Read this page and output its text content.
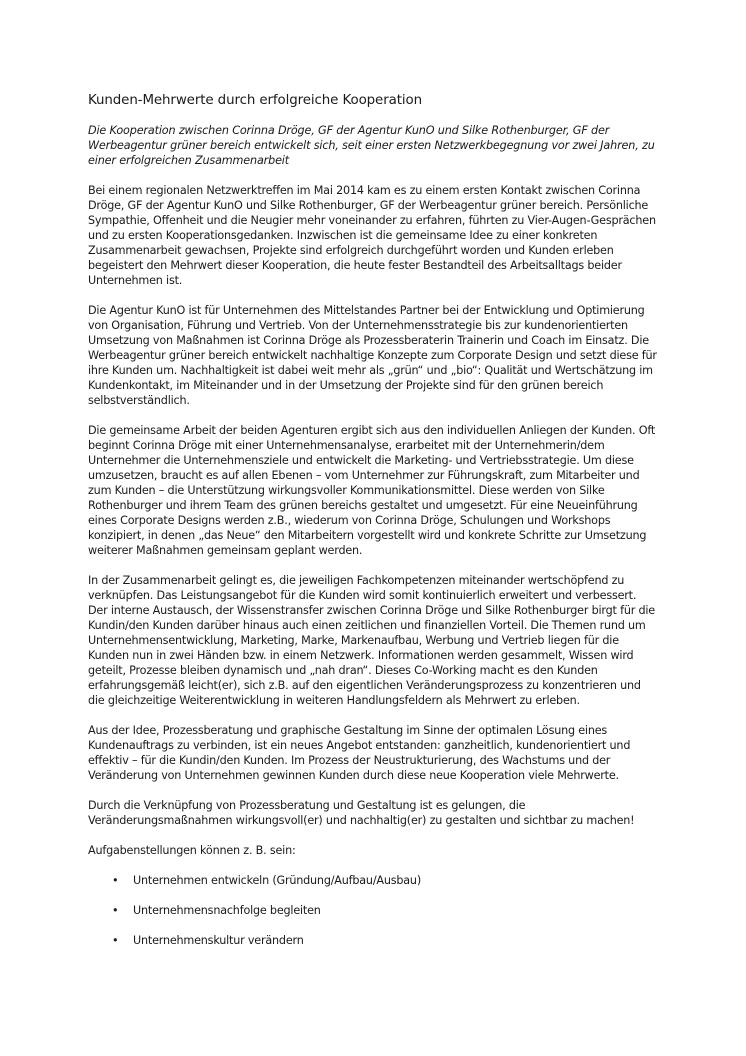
Kunden-Mehrwerte durch erfolgreiche Kooperation

Die Kooperation zwischen Corinna Dröge, GF der Agentur KunO und Silke Rothenburger, GF der Werbeagentur grüner bereich entwickelt sich, seit einer ersten Netzwerkbegegnung vor zwei Jahren, zu einer erfolgreichen Zusammenarbeit

Bei einem regionalen Netzwerktreffen im Mai 2014 kam es zu einem ersten Kontakt zwischen Corinna Dröge, GF der Agentur KunO und Silke Rothenburger, GF der Werbeagentur grüner bereich. Persönliche Sympathie, Offenheit und die Neugier mehr voneinander zu erfahren, führten zu Vier-Augen-Gesprächen und zu ersten Kooperationsgedanken. Inzwischen ist die gemeinsame Idee zu einer konkreten Zusammenarbeit gewachsen, Projekte sind erfolgreich durchgeführt worden und Kunden erleben begeistert den Mehrwert dieser Kooperation, die heute fester Bestandteil des Arbeitsalltags beider Unternehmen ist.

Die Agentur KunO ist für Unternehmen des Mittelstandes Partner bei der Entwicklung und Optimierung von Organisation, Führung und Vertrieb. Von der Unternehmensstrategie bis zur kundenorientierten Umsetzung von Maßnahmen ist Corinna Dröge als Prozessberaterin Trainerin und Coach im Einsatz. Die Werbeagentur grüner bereich entwickelt nachhaltige Konzepte zum Corporate Design und setzt diese für ihre Kunden um. Nachhaltigkeit ist dabei weit mehr als „grün“ und „bio“: Qualität und Wertschätzung im Kundenkontakt, im Miteinander und in der Umsetzung der Projekte sind für den grünen bereich selbstverständlich.

Die gemeinsame Arbeit der beiden Agenturen ergibt sich aus den individuellen Anliegen der Kunden. Oft beginnt Corinna Dröge mit einer Unternehmensanalyse, erarbeitet mit der Unternehmerin/dem Unternehmer die Unternehmensziele und entwickelt die Marketing- und Vertriebsstrategie. Um diese umzusetzen, braucht es auf allen Ebenen – vom Unternehmer zur Führungskraft, zum Mitarbeiter und zum Kunden – die Unterstützung wirkungsvoller Kommunikationsmittel. Diese werden von Silke Rothenburger und ihrem Team des grünen bereichs gestaltet und umgesetzt. Für eine Neueinführung eines Corporate Designs werden z.B., wiederum von Corinna Dröge, Schulungen und Workshops konzipiert, in denen „das Neue“ den Mitarbeitern vorgestellt wird und konkrete Schritte zur Umsetzung weiterer Maßnahmen gemeinsam geplant werden.

In der Zusammenarbeit gelingt es, die jeweiligen Fachkompetenzen miteinander wertschöpfend zu verknüpfen. Das Leistungsangebot für die Kunden wird somit kontinuierlich erweitert und verbessert. Der interne Austausch, der Wissenstransfer zwischen Corinna Dröge und Silke Rothenburger birgt für die Kundin/den Kunden darüber hinaus auch einen zeitlichen und finanziellen Vorteil. Die Themen rund um Unternehmensentwicklung, Marketing, Marke, Markenaufbau, Werbung und Vertrieb liegen für die Kunden nun in zwei Händen bzw. in einem Netzwerk. Informationen werden gesammelt, Wissen wird geteilt, Prozesse bleiben dynamisch und „nah dran“. Dieses Co-Working macht es den Kunden erfahrungsgemäß leicht(er), sich z.B. auf den eigentlichen Veränderungsprozess zu konzentrieren und die gleichzeitige Weiterentwicklung in weiteren Handlungsfeldern als Mehrwert zu erleben.

Aus der Idee, Prozessberatung und graphische Gestaltung im Sinne der optimalen Lösung eines Kundenauftrags zu verbinden, ist ein neues Angebot entstanden: ganzheitlich, kundenorientiert und effektiv – für die Kundin/den Kunden. Im Prozess der Neustrukturierung, des Wachstums und der Veränderung von Unternehmen gewinnen Kunden durch diese neue Kooperation viele Mehrwerte.

Durch die Verknüpfung von Prozessberatung und Gestaltung ist es gelungen, die Veränderungsmaßnahmen wirkungsvoll(er) und nachhaltig(er) zu gestalten und sichtbar zu machen!

Aufgabenstellungen können z. B. sein:

• Unternehmen entwickeln (Gründung/Aufbau/Ausbau)
• Unternehmensnachfolge begleiten
• Unternehmenskultur verändern
